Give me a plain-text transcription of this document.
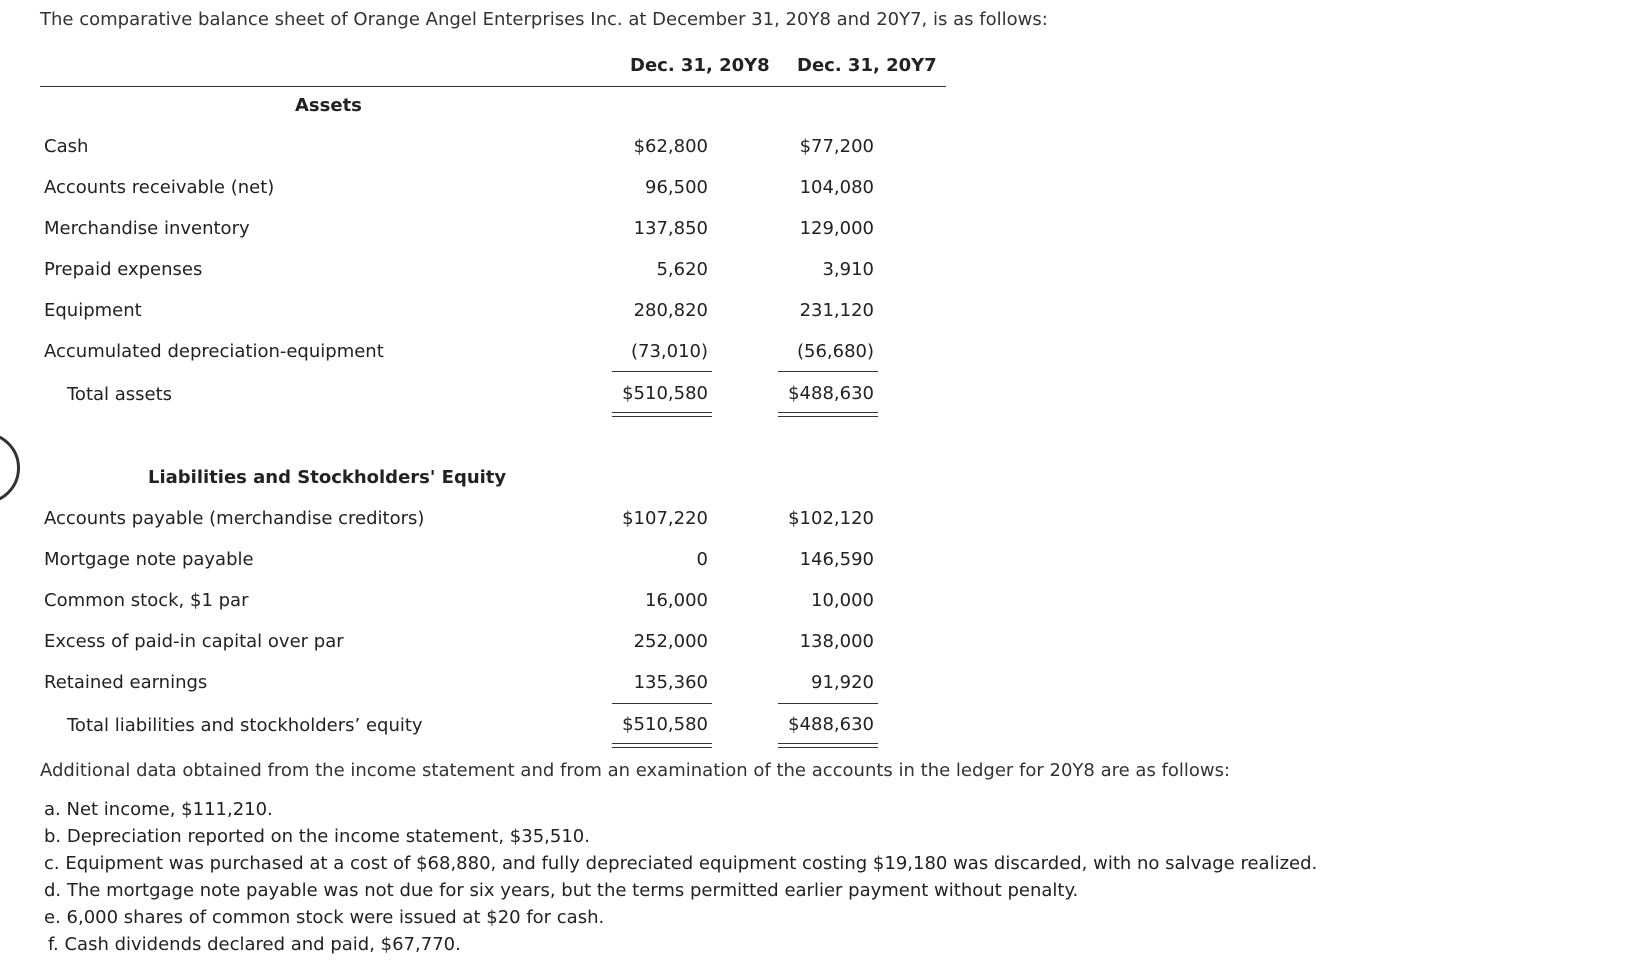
The comparative balance sheet of Orange Angel Enterprises Inc. at December 31, 20Y8 and 20Y7, is as follows:
Dec. 31, 20Y8 Dec. 31, 20Y7
Assets
Cash	$62,800	$77,200
Accounts receivable (net)	96,500	104,080
Merchandise inventory	137,850	129,000
Prepaid expenses	5,620	3,910
Equipment	280,820	231,120
Accumulated depreciation-equipment	(73,010)	(56,680)
Total assets	$510,580	$488,630
Liabilities and Stockholders' Equity
Accounts payable (merchandise creditors)	$107,220	$102,120
Mortgage note payable	0	146,590
Common stock, $1 par	16,000	10,000
Excess of paid-in capital over par	252,000	138,000
Retained earnings	135,360	91,920
Total liabilities and stockholders’ equity	$510,580	$488,630
Additional data obtained from the income statement and from an examination of the accounts in the ledger for 20Y8 are as follows:
a. Net income, $111,210.
b. Depreciation reported on the income statement, $35,510.
c. Equipment was purchased at a cost of $68,880, and fully depreciated equipment costing $19,180 was discarded, with no salvage realized.
d. The mortgage note payable was not due for six years, but the terms permitted earlier payment without penalty.
e. 6,000 shares of common stock were issued at $20 for cash.
f. Cash dividends declared and paid, $67,770.
